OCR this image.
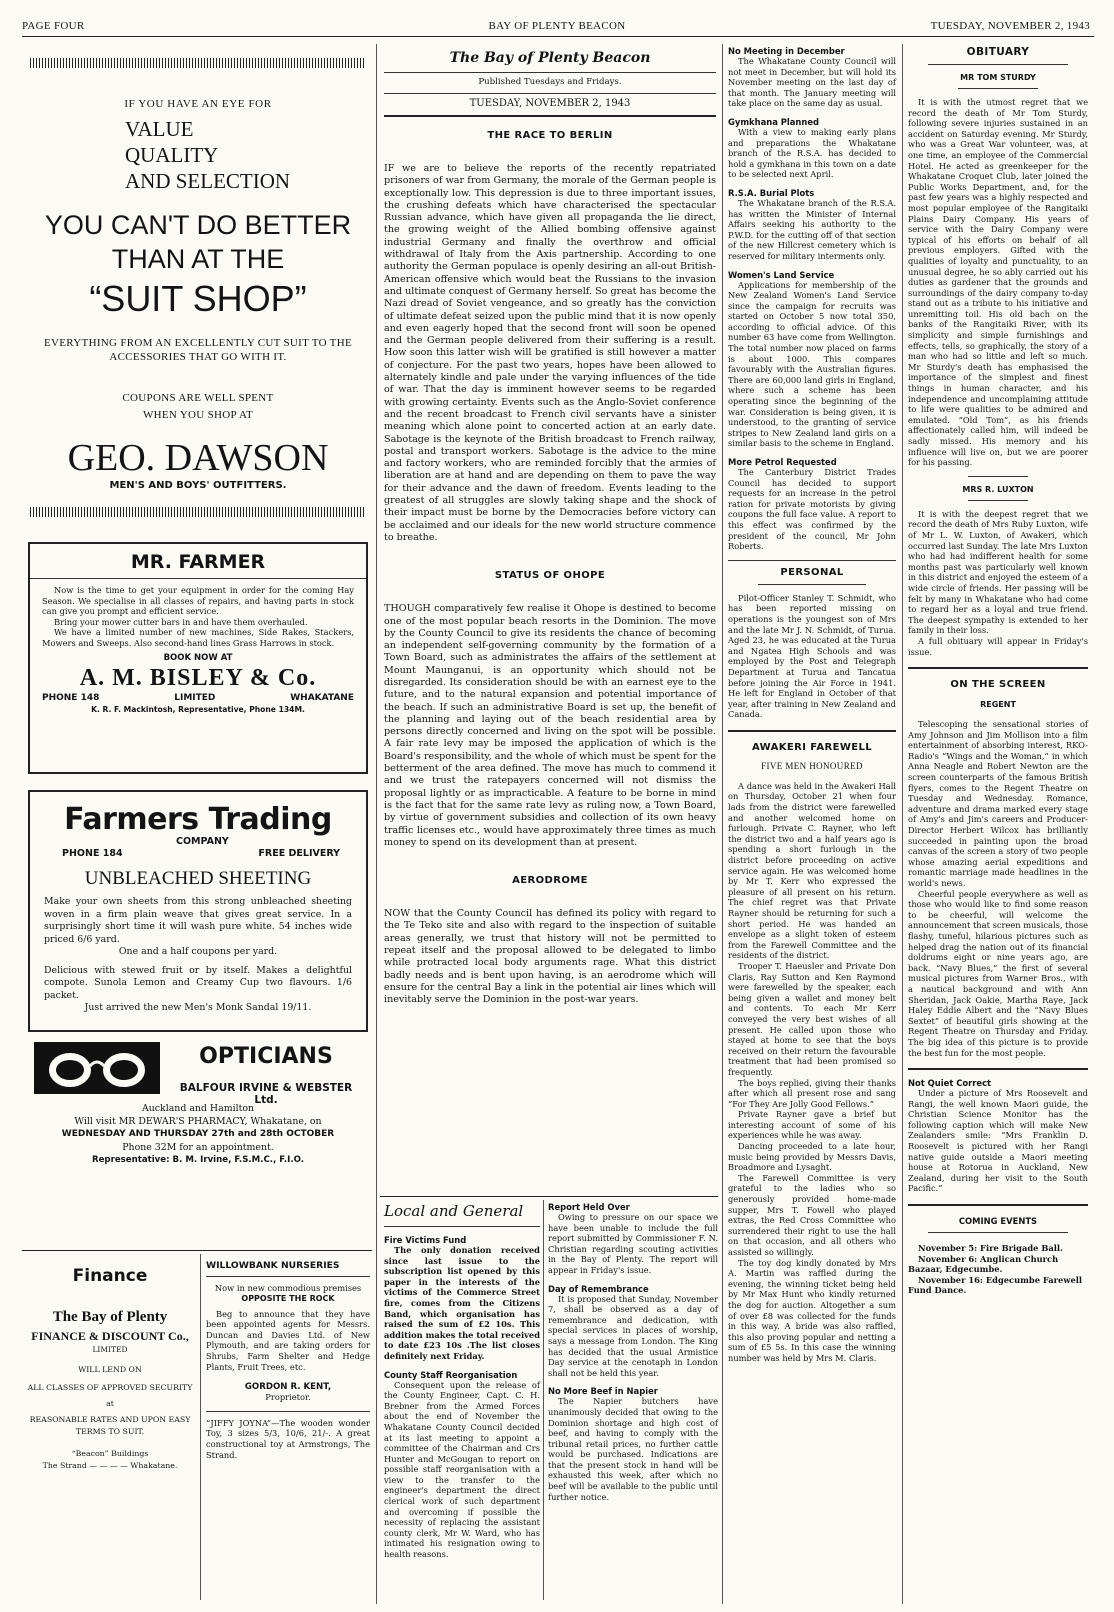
PAGE FOUR	BAY OF PLENTY BEACON	TUESDAY, NOVEMBER 2, 1943
IF YOU HAVE AN EYE FOR
VALUE
QUALITY
AND SELECTION
YOU CAN'T DO BETTER
THAN AT THE
“SUIT SHOP”
EVERYTHING FROM AN EXCELLENTLY CUT SUIT TO THE ACCESSORIES THAT GO WITH IT.
COUPONS ARE WELL SPENT
WHEN YOU SHOP AT
GEO. DAWSON
MEN'S AND BOYS' OUTFITTERS.
MR. FARMER

Now is the time to get your equipment in order for the coming Hay Season. We specialise in all classes of repairs, and having parts in stock can give you prompt and efficient service.

Bring your mower cutter bars in and have them overhauled.

We have a limited number of new machines, Side Rakes, Stackers, Mowers and Sweeps. Also second-hand lines Grass Harrows in stock.

BOOK NOW AT
A. M. BISLEY & Co.
PHONE 148	LIMITED	WHAKATANE
K. R. F. Mackintosh, Representative, Phone 134M.
Farmers Trading
COMPANY
PHONE 184	FREE DELIVERY
UNBLEACHED SHEETING

Make your own sheets from this strong unbleached sheeting woven in a firm plain weave that gives great service. In a surprisingly short time it will wash pure white. 54 inches wide priced 6/6 yard.

One and a half coupons per yard.

Delicious with stewed fruit or by itself. Makes a delightful compote. Sunola Lemon and Creamy Cup two flavours. 1/6 packet.

Just arrived the new Men's Monk Sandal 19/11.

OPTICIANS
BALFOUR IRVINE & WEBSTER Ltd.
Auckland and Hamilton
Will visit MR DEWAR'S PHARMACY, Whakatane, on
WEDNESDAY AND THURSDAY 27th and 28th OCTOBER
Phone 32M for an appointment.
Representative: B. M. Irvine, F.S.M.C., F.I.O.
Finance
The Bay of Plenty
FINANCE & DISCOUNT Co.,
LIMITED
WILL LEND ON
ALL CLASSES OF APPROVED SECURITY
at
REASONABLE RATES AND UPON EASY TERMS TO SUIT.
“Beacon” Buildings
The Strand — — — — Whakatane.
WILLOWBANK NURSERIES
Now in new commodious premises
OPPOSITE THE ROCK

Beg to announce that they have been appointed agents for Messrs. Duncan and Davies Ltd. of New Plymouth, and are taking orders for Shrubs, Farm Shelter and Hedge Plants, Fruit Trees, etc.

GORDON R. KENT,
Proprietor.

“JIFFY JOYNA”—The wooden wonder Toy, 3 sizes 5/3, 10/6, 21/-. A great constructional toy at Armstrongs, The Strand.

The Bay of Plenty Beacon
Published Tuesdays and Fridays.
TUESDAY, NOVEMBER 2, 1943
THE RACE TO BERLIN

IF we are to believe the reports of the recently repatriated prisoners of war from Germany, the morale of the German people is exceptionally low. This depression is due to three important issues, the crushing defeats which have characterised the spectacular Russian advance, which have given all propaganda the lie direct, the growing weight of the Allied bombing offensive against industrial Germany and finally the overthrow and official withdrawal of Italy from the Axis partnership. According to one authority the German populace is openly desiring an all-out British-American offensive which would beat the Russians to the invasion and ultimate conquest of Germany herself. So great has become the Nazi dread of Soviet vengeance, and so greatly has the conviction of ultimate defeat seized upon the public mind that it is now openly and even eagerly hoped that the second front will soon be opened and the German people delivered from their suffering is a result. How soon this latter wish will be gratified is still however a matter of conjecture. For the past two years, hopes have been allowed to alternately kindle and pale under the varying influences of the tide of war. That the day is imminent however seems to be regarded with growing certainty. Events such as the Anglo-Soviet conference and the recent broadcast to French civil servants have a sinister meaning which alone point to concerted action at an early date. Sabotage is the keynote of the British broadcast to French railway, postal and transport workers. Sabotage is the advice to the mine and factory workers, who are reminded forcibly that the armies of liberation are at hand and are depending on them to pave the way for their advance and the dawn of freedom. Events leading to the greatest of all struggles are slowly taking shape and the shock of their impact must be borne by the Democracies before victory can be acclaimed and our ideals for the new world structure commence to breathe.

STATUS OF OHOPE

THOUGH comparatively few realise it Ohope is destined to become one of the most popular beach resorts in the Dominion. The move by the County Council to give its residents the chance of becoming an independent self-governing community by the formation of a Town Board, such as administrates the affairs of the settlement at Mount Maunganui, is an opportunity which should not be disregarded. Its consideration should be with an earnest eye to the future, and to the natural expansion and potential importance of the beach. If such an administrative Board is set up, the benefit of the planning and laying out of the beach residential area by persons directly concerned and living on the spot will be possible. A fair rate levy may be imposed the application of which is the Board's responsibility, and the whole of which must be spent for the betterment of the area defined. The move has much to commend it and we trust the ratepayers concerned will not dismiss the proposal lightly or as impracticable. A feature to be borne in mind is the fact that for the same rate levy as ruling now, a Town Board, by virtue of government subsidies and collection of its own heavy traffic licenses etc., would have approximately three times as much money to spend on its development than at present.

AERODROME

NOW that the County Council has defined its policy with regard to the Te Teko site and also with regard to the inspection of suitable areas generally, we trust that history will not be permitted to repeat itself and the proposal allowed to be delegated to limbo while protracted local body arguments rage. What this district badly needs and is bent upon having, is an aerodrome which will ensure for the central Bay a link in the potential air lines which will inevitably serve the Dominion in the post-war years.

Local and General

Fire Victims Fund

The only donation received since last issue to the subscription list opened by this paper in the interests of the victims of the Commerce Street fire, comes from the Citizens Band, which organisation has raised the sum of £2 10s. This addition makes the total received to date £23 10s .The list closes definitely next Friday.

County Staff Reorganisation

Consequent upon the release of the County Engineer, Capt. C. H. Brebner from the Armed Forces about the end of November the Whakatane County Council decided at its last meeting to appoint a committee of the Chairman and Crs Hunter and McGougan to report on possible staff reorganisation with a view to the transfer to the engineer's department the direct clerical work of such department and overcoming if possible the necessity of replacing the assistant county clerk, Mr W. Ward, who has intimated his resignation owing to health reasons.

Report Held Over

Owing to pressure on our space we have been unable to include the full report submitted by Commissioner F. N. Christian regarding scouting activities in the Bay of Plenty. The report will appear in Friday's issue.

Day of Remembrance

It is proposed that Sunday, November 7, shall be observed as a day of remembrance and dedication, with special services in places of worship, says a message from London. The King has decided that the usual Armistice Day service at the cenotaph in London shall not be held this year.

No More Beef in Napier

The Napier butchers have unanimously decided that owing to the Dominion shortage and high cost of beef, and having to comply with the tribunal retail prices, no further cattle would be purchased. Indications are that the present stock in hand will be exhausted this week, after which no beef will be available to the public until further notice.

No Meeting in December

The Whakatane County Council will not meet in December, but will hold its November meeting on the last day of that month. The January meeting will take place on the same day as usual.

Gymkhana Planned

With a view to making early plans and preparations the Whakatane branch of the R.S.A. has decided to hold a gymkhana in this town on a date to be selected next April.

R.S.A. Burial Plots

The Whakatane branch of the R.S.A. has written the Minister of Internal Affairs seeking his authority to the P.W.D. for the cutting off of that section of the new Hillcrest cemetery which is reserved for military interments only.

Women's Land Service

Applications for membership of the New Zealand Women's Land Service since the campaign for recruits was started on October 5 now total 350, according to official advice. Of this number 63 have come from Wellington. The total number now placed on farms is about 1000. This compares favourably with the Australian figures. There are 60,000 land girls in England, where such a scheme has been operating since the beginning of the war. Consideration is being given, it is understood, to the granting of service stripes to New Zealand land girls on a similar basis to the scheme in England.

More Petrol Requested

The Canterbury District Trades Council has decided to support requests for an increase in the petrol ration for private motorists by giving coupons the full face value. A report to this effect was confirmed by the president of the council, Mr John Roberts.

PERSONAL

Pilot-Officer Stanley T. Schmidt, who has been reported missing on operations is the youngest son of Mrs and the late Mr J. N. Schmidt, of Turua. Aged 23, he was educated at the Turua and Ngatea High Schools and was employed by the Post and Telegraph Department at Turua and Tancatua before joining the Air Force in 1941. He left for England in October of that year, after training in New Zealand and Canada.

AWAKERI FAREWELL
FIVE MEN HONOURED

A dance was held in the Awakeri Hall on Thursday, October 21 when four lads from the district were farewelled and another welcomed home on furlough. Private C. Rayner, who left the district two and a half years ago is spending a short furlough in the district before proceeding on active service again. He was welcomed home by Mr T. Kerr who expressed the pleasure of all present on his return. The chief regret was that Private Rayner should be returning for such a short period. He was handed an envelope as a slight token of esteem from the Farewell Committee and the residents of the district.

Trooper T. Haeusler and Private Don Claris, Ray Sutton and Ken Raymond were farewelled by the speaker, each being given a wallet and money belt and contents. To each Mr Kerr conveyed the very best wishes of all present. He called upon those who stayed at home to see that the boys received on their return the favourable treatment that had been promised so frequently.

The boys replied, giving their thanks after which all present rose and sang “For They Are Jolly Good Fellows.”

Private Rayner gave a brief but interesting account of some of his experiences while he was away.

Dancing proceeded to a late hour, music being provided by Messrs Davis, Broadmore and Lysaght.

The Farewell Committee is very grateful to the ladies who so generously provided home-made supper, Mrs T. Fowell who played extras, the Red Cross Committee who surrendered their right to use the hall on that occasion, and all others who assisted so willingly.

The toy dog kindly donated by Mrs A. Martin was raffled during the evening, the winning ticket being held by Mr Max Hunt who kindly returned the dog for auction. Altogether a sum of over £8 was collected for the funds in this way. A bride was also raffled, this also proving popular and netting a sum of £5 5s. In this case the winning number was held by Mrs M. Claris.

OBITUARY
MR TOM STURDY

It is with the utmost regret that we record the death of Mr Tom Sturdy, following severe injuries sustained in an accident on Saturday evening. Mr Sturdy, who was a Great War volunteer, was, at one time, an employee of the Commercial Hotel. He acted as greenkeeper for the Whakatane Croquet Club, later joined the Public Works Department, and, for the past few years was a highly respected and most popular employee of the Rangitaiki Plains Dairy Company. His years of service with the Dairy Company were typical of his efforts on behalf of all previous employers. Gifted with the qualities of loyalty and punctuality, to an unusual degree, he so ably carried out his duties as gardener that the grounds and surroundings of the dairy company to-day stand out as a tribute to his initiative and unremitting toil. His old bach on the banks of the Rangitaiki River, with its simplicity and simple furnishings and effects, tells, so graphically, the story of a man who had so little and left so much. Mr Sturdy's death has emphasised the importance of the simplest and finest things in human character, and his independence and uncomplaining attitude to life were qualities to be admired and emulated. “Old Tom”, as his friends affectionately called him, will indeed be sadly missed. His memory and his influence will live on, but we are poorer for his passing.

MRS R. LUXTON

It is with the deepest regret that we record the death of Mrs Ruby Luxton, wife of Mr L. W. Luxton, of Awakeri, which occurred last Sunday. The late Mrs Luxton who had had indifferent health for some months past was particularly well known in this district and enjoyed the esteem of a wide circle of friends. Her passing will be felt by many in Whakatane who had come to regard her as a loyal and true friend. The deepest sympathy is extended to her family in their loss.

A full obituary will appear in Friday's issue.

ON THE SCREEN
REGENT

Telescoping the sensational stories of Amy Johnson and Jim Mollison into a film entertainment of absorbing interest, RKO-Radio's “Wings and the Woman,” in which Anna Neagle and Robert Newton are the screen counterparts of the famous British flyers, comes to the Regent Theatre on Tuesday and Wednesday. Romance, adventure and drama marked every stage of Amy's and Jim's careers and Producer-Director Herbert Wilcox has brilliantly succeeded in painting upon the broad canvas of the screen a story of two people whose amazing aerial expeditions and romantic marriage made headlines in the world's news.

Cheerful people everywhere as well as those who would like to find some reason to be cheerful, will welcome the announcement that screen musicals, those flashy, tuneful, hilarious pictures such as helped drag the nation out of its financial doldrums eight or nine years ago, are back. “Navy Blues,” the first of several musical pictures from Warner Bros., with a nautical background and with Ann Sheridan, Jack Oakie, Martha Raye, Jack Haley Eddie Albert and the “Navy Blues Sextet” of beautiful girls showing at the Regent Theatre on Thursday and Friday. The big idea of this picture is to provide the best fun for the most people.

Not Quiet Correct

Under a picture of Mrs Roosevelt and Rangi, the well known Maori guide, the Christian Science Monitor has the following caption which will make New Zealanders smile: “Mrs Franklin D. Roosevelt is pictured with her Rangi native guide outside a Maori meeting house at Rotorua in Auckland, New Zealand, during her visit to the South Pacific.”

COMING EVENTS

November 5: Fire Brigade Ball.

November 6: Anglican Church Bazaar, Edgecumbe.

November 16: Edgecumbe Farewell Fund Dance.
